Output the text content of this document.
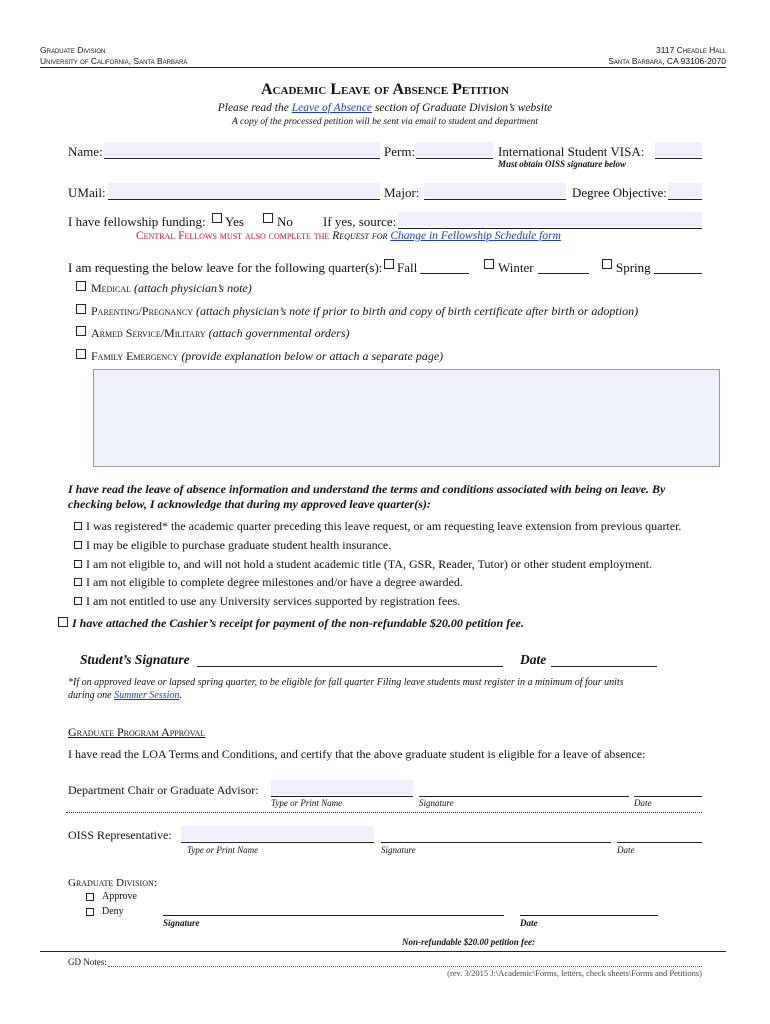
Graduate Division
University of California, Santa Barbara
3117 Cheadle Hall
Santa Barbara, CA 93106-2070
Academic Leave of Absence Petition
Please read the Leave of Absence section of Graduate Division’s website
A copy of the processed petition will be sent via email to student and department
Name:	Perm:	International Student VISA:
Must obtain OISS signature below
UMail:	Major:	Degree Objective:
I have fellowship funding: Yes	No If yes, source:
Central Fellows must also complete the Request for Change in Fellowship Schedule form
I am requesting the below leave for the following quarter(s): Fall	Winter	Spring
Medical (attach physician’s note)
Parenting/Pregnancy (attach physician’s note if prior to birth and copy of birth certificate after birth or adoption)
Armed Service/Military (attach governmental orders)
Family Emergency (provide explanation below or attach a separate page)
I have read the leave of absence information and understand the terms and conditions associated with being on leave. By
checking below, I acknowledge that during my approved leave quarter(s):
I was registered* the academic quarter preceding this leave request, or am requesting leave extension from previous quarter.
I may be eligible to purchase graduate student health insurance.
I am not eligible to, and will not hold a student academic title (TA, GSR, Reader, Tutor) or other student employment.
I am not eligible to complete degree milestones and/or have a degree awarded.
I am not entitled to use any University services supported by registration fees.
I have attached the Cashier’s receipt for payment of the non-refundable $20.00 petition fee.
Student’s Signature	Date
*If on approved leave or lapsed spring quarter, to be eligible for fall quarter Filing leave students must register in a minimum of four units
during one Summer Session.
Graduate Program Approval
I have read the LOA Terms and Conditions, and certify that the above graduate student is eligible for a leave of absence:
Department Chair or Graduate Advisor:
Type or Print Name	Signature	Date
OISS Representative:
Type or Print Name	Signature	Date
Graduate Division:
Approve
Deny
Signature	Date
Non-refundable $20.00 petition fee:
GD Notes:
(rev. 3/2015 J:\Academic\Forms, letters, check sheets\Forms and Petitions)
